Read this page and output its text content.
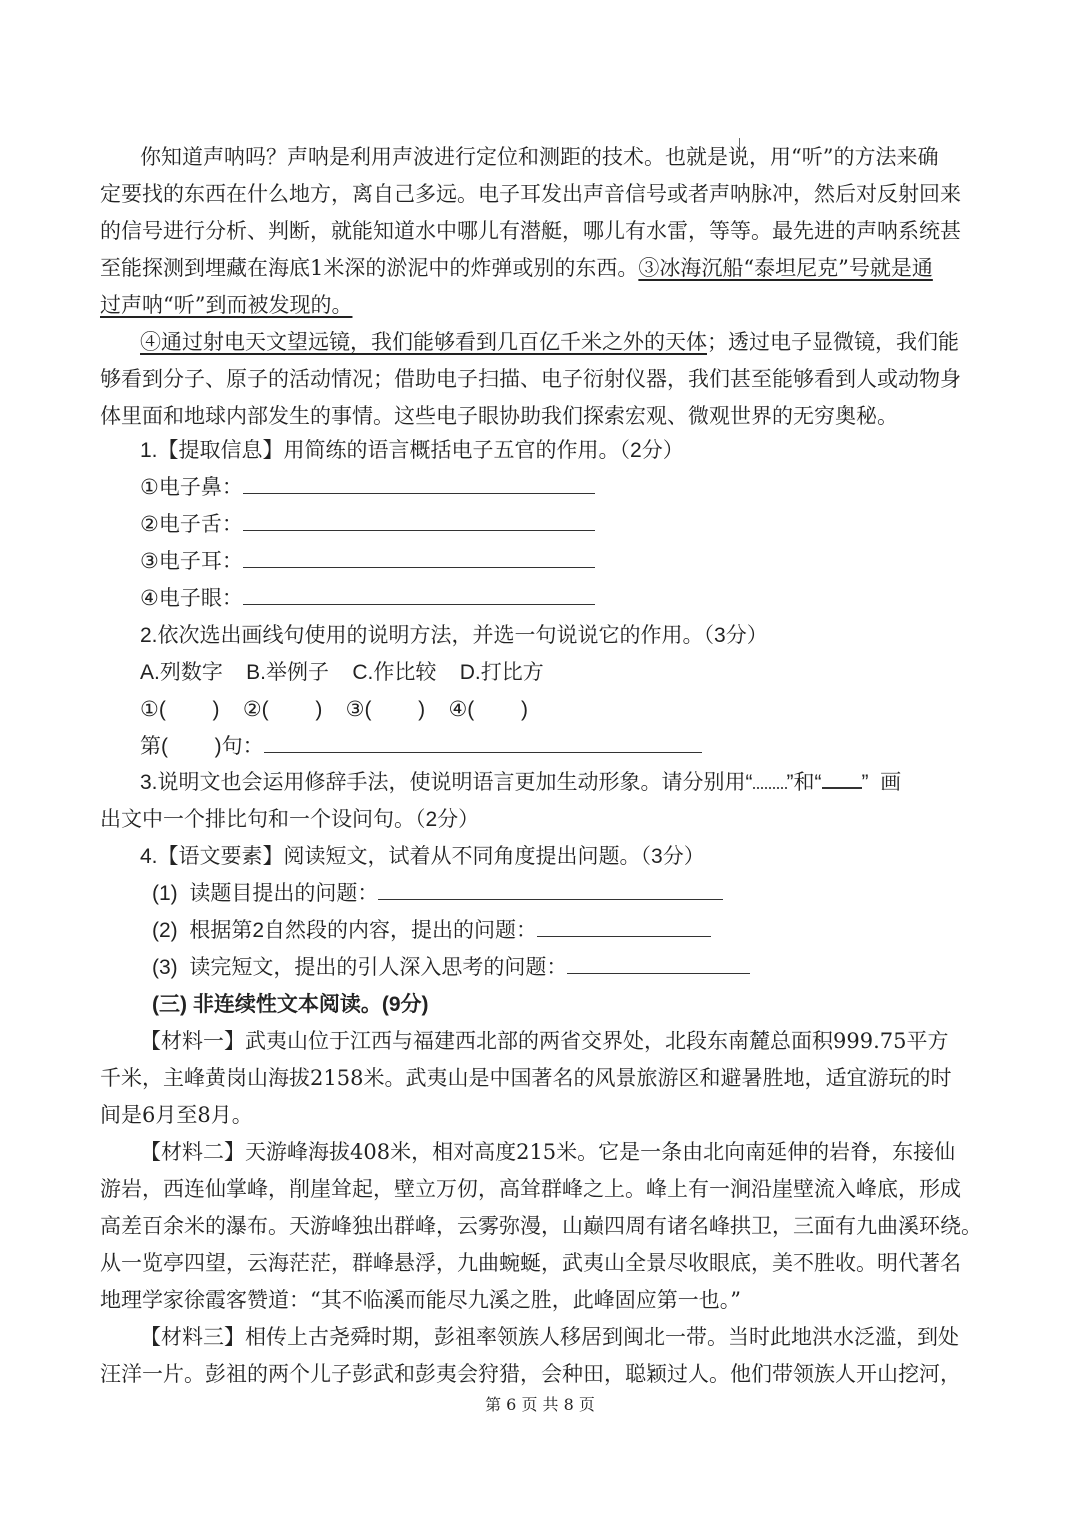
你知道声呐吗？声呐是利用声波进行定位和测距的技术。也就是说，用“听”的方法来确
定要找的东西在什么地方，离自己多远。电子耳发出声音信号或者声呐脉冲，然后对反射回来
的信号进行分析、判断，就能知道水中哪儿有潜艇，哪儿有水雷，等等。最先进的声呐系统甚
至能探测到埋藏在海底1米深的淤泥中的炸弹或别的东西。③冰海沉船“泰坦尼克”号就是通
过声呐“听”到而被发现的。
④通过射电天文望远镜，我们能够看到几百亿千米之外的天体；透过电子显微镜，我们能
够看到分子、原子的活动情况；借助电子扫描、电子衍射仪器，我们甚至能够看到人或动物身
体里面和地球内部发生的事情。这些电子眼协助我们探索宏观、微观世界的无穷奥秘。
1.【提取信息】用简练的语言概括电子五官的作用。（2分）
①电子鼻：
②电子舌：
③电子耳：
④电子眼：
2.依次选出画线句使用的说明方法，并选一句说说它的作用。（3分）
A.列数字    B.举例子    C.作比较    D.打比方
①(        )    ②(        )    ③(        )    ④(        )
第(        )句：
3.说明文也会运用修辞手法，使说明语言更加生动形象。请分别用“ ”和“ ”  画
出文中一个排比句和一个设问句。（2分）
4.【语文要素】阅读短文，试着从不同角度提出问题。（3分）
(1)  读题目提出的问题：
(2)  根据第2自然段的内容，提出的问题：
(3)  读完短文，提出的引人深入思考的问题：
(三) 非连续性文本阅读。(9分)
【材料一】武夷山位于江西与福建西北部的两省交界处，北段东南麓总面积999.75平方
千米，主峰黄岗山海拔2158米。武夷山是中国著名的风景旅游区和避暑胜地，适宜游玩的时
间是6月至8月。
【材料二】天游峰海拔408米，相对高度215米。它是一条由北向南延伸的岩脊，东接仙
游岩，西连仙掌峰，削崖耸起，壁立万仞，高耸群峰之上。峰上有一涧沿崖壁流入峰底，形成
高差百余米的瀑布。天游峰独出群峰，云雾弥漫，山巅四周有诸名峰拱卫，三面有九曲溪环绕。
从一览亭四望，云海茫茫，群峰悬浮，九曲蜿蜒，武夷山全景尽收眼底，美不胜收。明代著名
地理学家徐霞客赞道：“其不临溪而能尽九溪之胜，此峰固应第一也。”
【材料三】相传上古尧舜时期，彭祖率领族人移居到闽北一带。当时此地洪水泛滥，到处
汪洋一片。彭祖的两个儿子彭武和彭夷会狩猎，会种田，聪颖过人。他们带领族人开山挖河，
第 6 页 共 8 页
